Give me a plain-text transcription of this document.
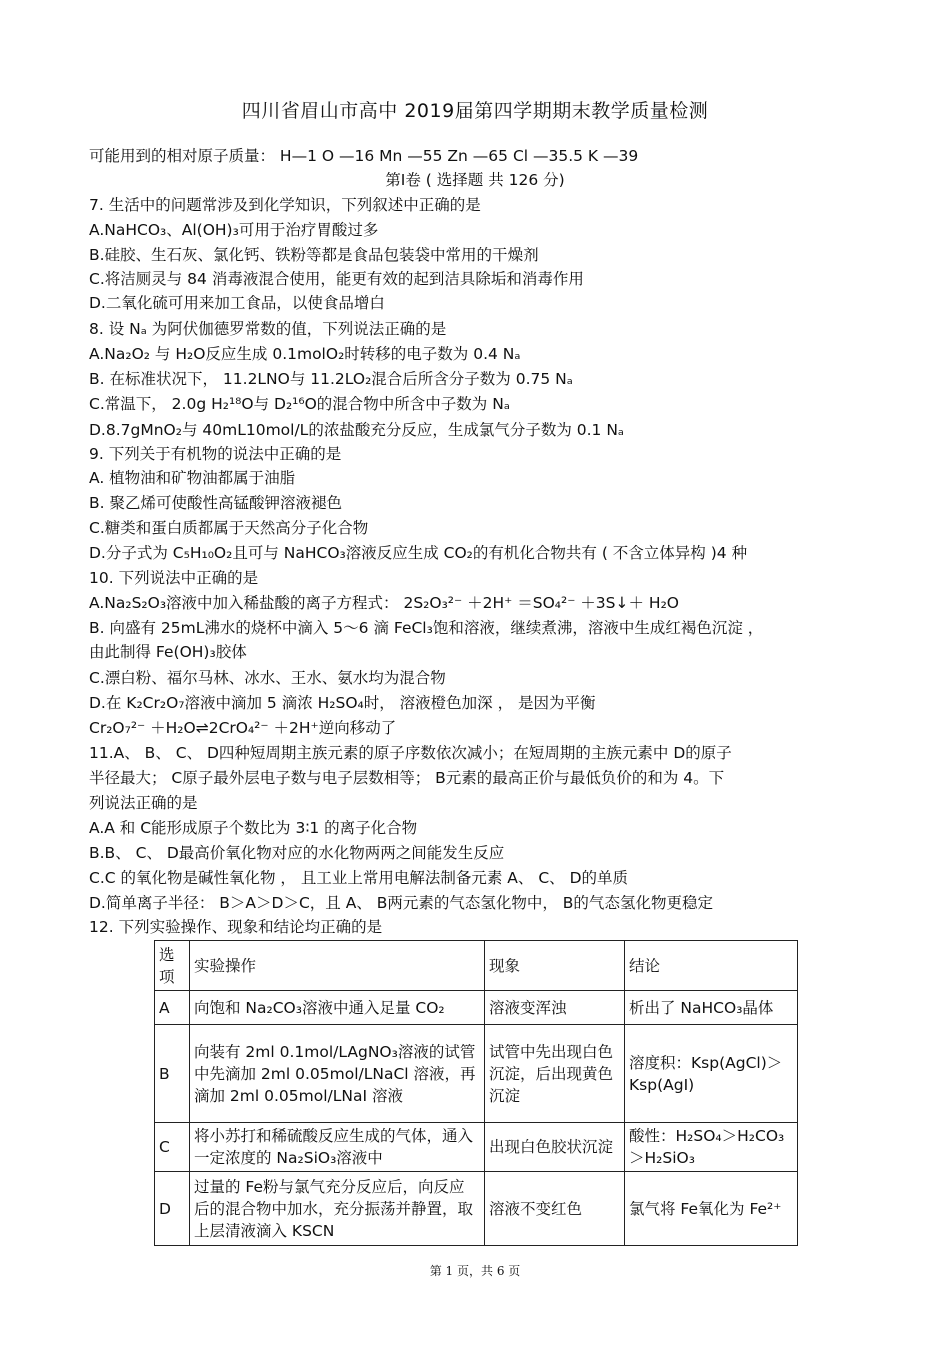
四川省眉山市高中 2019届第四学期期末教学质量检测
可能用到的相对原子质量： H—1 O —16 Mn —55 Zn —65 Cl —35.5 K —39
第Ⅰ卷 ( 选择题 共 126 分)
7. 生活中的问题常涉及到化学知识，下列叙述中正确的是
A.NaHCO₃、Al(OH)₃可用于治疗胃酸过多
B.硅胶、生石灰、氯化钙、铁粉等都是食品包装袋中常用的干燥剂
C.将洁厕灵与 84 消毒液混合使用，能更有效的起到洁具除垢和消毒作用
D.二氧化硫可用来加工食品，以使食品增白
8. 设 Nₐ 为阿伏伽德罗常数的值，下列说法正确的是
A.Na₂O₂ 与 H₂O反应生成 0.1molO₂时转移的电子数为 0.4 Nₐ
B. 在标准状况下， 11.2LNO与 11.2LO₂混合后所含分子数为 0.75 Nₐ
C.常温下， 2.0g H₂¹⁸O与 D₂¹⁶O的混合物中所含中子数为 Nₐ
D.8.7gMnO₂与 40mL10mol/L的浓盐酸充分反应，生成氯气分子数为 0.1 Nₐ
9. 下列关于有机物的说法中正确的是
A. 植物油和矿物油都属于油脂
B. 聚乙烯可使酸性高锰酸钾溶液褪色
C.糖类和蛋白质都属于天然高分子化合物
D.分子式为 C₅H₁₀O₂且可与 NaHCO₃溶液反应生成 CO₂的有机化合物共有 ( 不含立体异构 )4 种
10. 下列说法中正确的是
A.Na₂S₂O₃溶液中加入稀盐酸的离子方程式： 2S₂O₃²⁻ ＋2H⁺ ＝SO₄²⁻ ＋3S↓＋ H₂O
B. 向盛有 25mL沸水的烧杯中滴入 5～6 滴 FeCl₃饱和溶液，继续煮沸，溶液中生成红褐色沉淀 ，
由此制得 Fe(OH)₃胶体
C.漂白粉、福尔马林、冰水、王水、氨水均为混合物
D.在 K₂Cr₂O₇溶液中滴加 5 滴浓 H₂SO₄时， 溶液橙色加深 ， 是因为平衡
Cr₂O₇²⁻ ＋H₂O⇌2CrO₄²⁻ ＋2H⁺逆向移动了
11.A、 B、 C、 D四种短周期主族元素的原子序数依次减小；在短周期的主族元素中 D的原子
半径最大； C原子最外层电子数与电子层数相等； B元素的最高正价与最低负价的和为 4。下
列说法正确的是
A.A 和 C能形成原子个数比为 3∶1 的离子化合物
B.B、 C、 D最高价氧化物对应的水化物两两之间能发生反应
C.C 的氧化物是碱性氧化物 ， 且工业上常用电解法制备元素 A、 C、 D的单质
D.简单离子半径： B＞A＞D＞C，且 A、 B两元素的气态氢化物中， B的气态氢化物更稳定
12. 下列实验操作、现象和结论均正确的是
选项	实验操作	现象	结论
A	向饱和 Na₂CO₃溶液中通入足量 CO₂	溶液变浑浊	析出了 NaHCO₃晶体
B	向装有 2ml 0.1mol/LAgNO₃溶液的试管中先滴加 2ml 0.05mol/LNaCl 溶液，再滴加 2ml 0.05mol/LNaI 溶液	试管中先出现白色沉淀，后出现黄色沉淀	溶度积：Ksp(AgCl)＞Ksp(AgI)
C	将小苏打和稀硫酸反应生成的气体，通入一定浓度的 Na₂SiO₃溶液中	出现白色胶状沉淀	酸性：H₂SO₄＞H₂CO₃＞H₂SiO₃
D	过量的 Fe粉与氯气充分反应后，向反应后的混合物中加水，充分振荡并静置，取上层清液滴入 KSCN	溶液不变红色	氯气将 Fe氧化为 Fe²⁺
第 1 页，共 6 页
